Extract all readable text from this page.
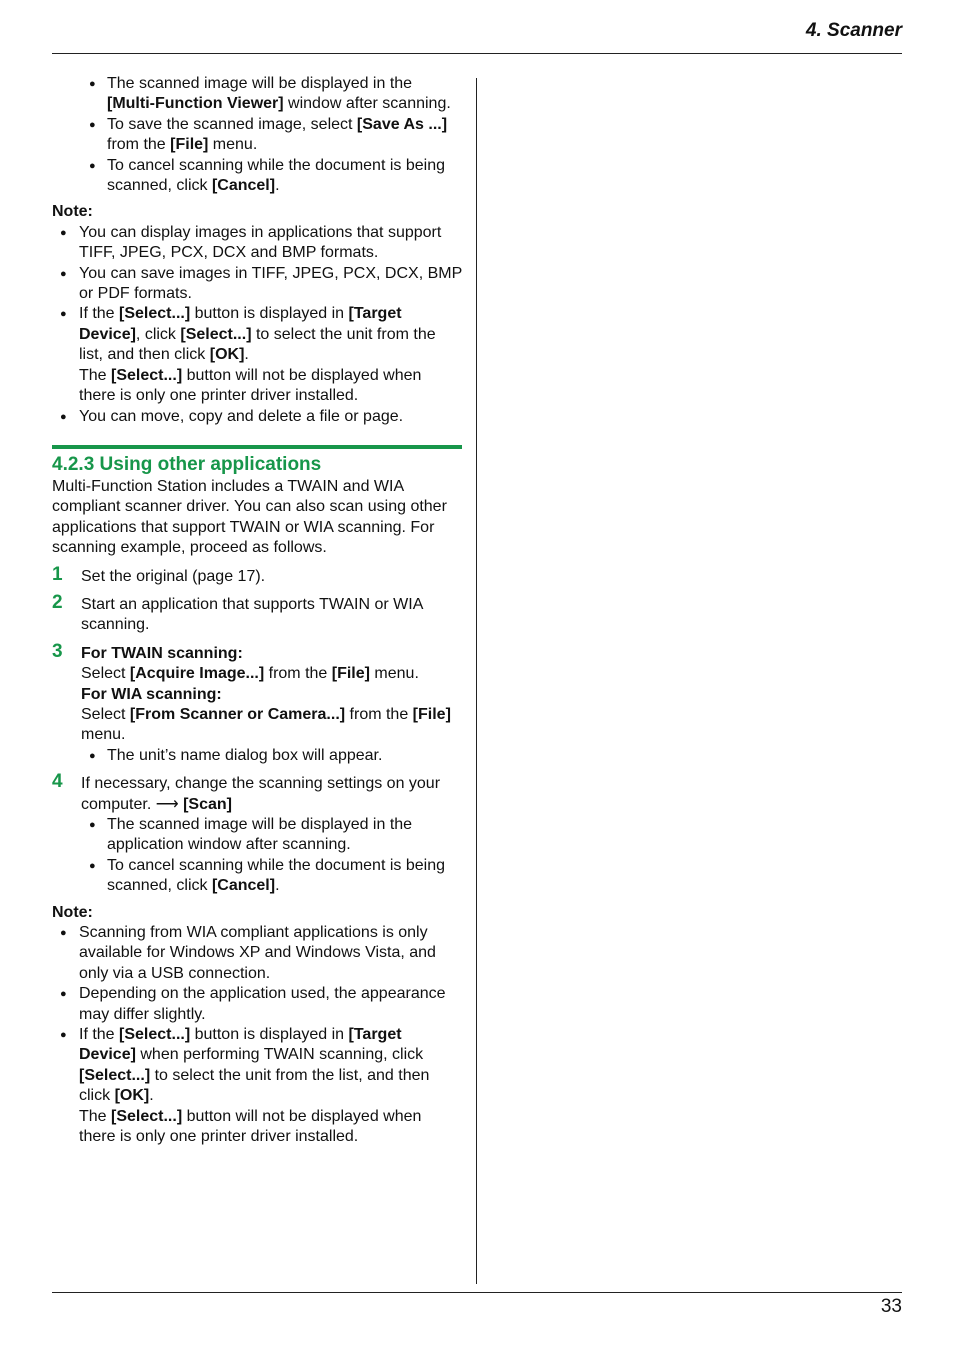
4. Scanner

● The scanned image will be displayed in the [Multi-Function Viewer] window after scanning.

● To save the scanned image, select [Save As ...] from the [File] menu.

● To cancel scanning while the document is being scanned, click [Cancel].

Note:

● You can display images in applications that support TIFF, JPEG, PCX, DCX and BMP formats.

● You can save images in TIFF, JPEG, PCX, DCX, BMP or PDF formats.

● If the [Select...] button is displayed in [Target Device], click [Select...] to select the unit from the list, and then click [OK].

The [Select...] button will not be displayed when there is only one printer driver installed.

● You can move, copy and delete a file or page.

4.2.3 Using other applications

Multi-Function Station includes a TWAIN and WIA compliant scanner driver. You can also scan using other applications that support TWAIN or WIA scanning. For scanning example, proceed as follows.

1 Set the original (page 17).

2 Start an application that supports TWAIN or WIA scanning.

3 For TWAIN scanning:

Select [Acquire Image...] from the [File] menu.

For WIA scanning:

Select [From Scanner or Camera...] from the [File] menu.

● The unit’s name dialog box will appear.

4 If necessary, change the scanning settings on your computer. ⟶ [Scan]

● The scanned image will be displayed in the application window after scanning.

● To cancel scanning while the document is being scanned, click [Cancel].

Note:

● Scanning from WIA compliant applications is only available for Windows XP and Windows Vista, and only via a USB connection.

● Depending on the application used, the appearance may differ slightly.

● If the [Select...] button is displayed in [Target Device] when performing TWAIN scanning, click [Select...] to select the unit from the list, and then click [OK].

The [Select...] button will not be displayed when there is only one printer driver installed.

33
